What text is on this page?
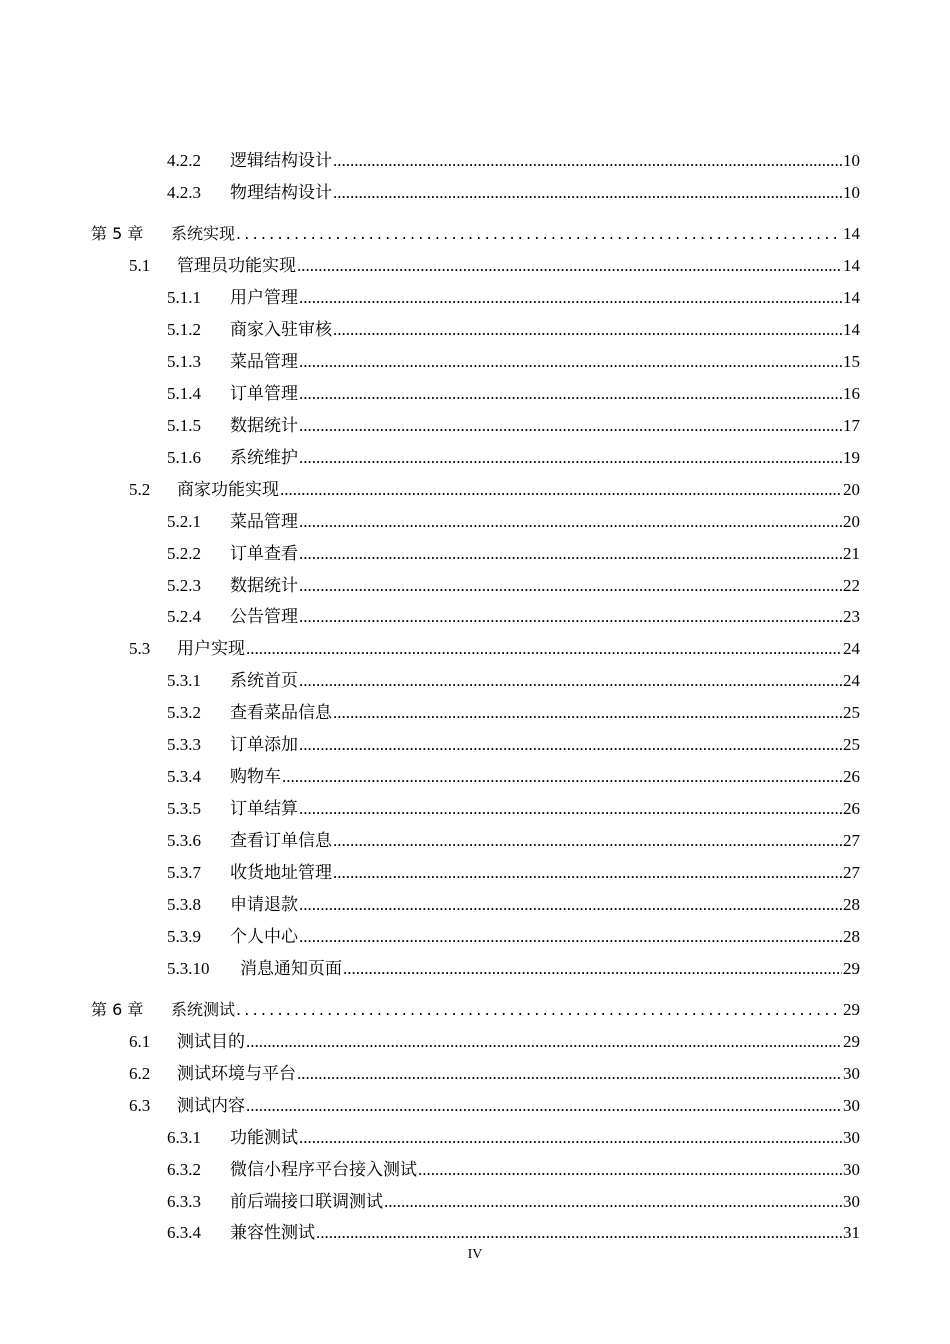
4.2.2	逻辑结构设计 .....	10
4.2.3	物理结构设计 .....	10
第 5 章	系统实现 .....	14
5.1	管理员功能实现 .....	14
5.1.1	用户管理 .....	14
5.1.2	商家入驻审核 .....	14
5.1.3	菜品管理 .....	15
5.1.4	订单管理 .....	16
5.1.5	数据统计 .....	17
5.1.6	系统维护 .....	19
5.2	商家功能实现 .....	20
5.2.1	菜品管理 .....	20
5.2.2	订单查看 .....	21
5.2.3	数据统计 .....	22
5.2.4	公告管理 .....	23
5.3	用户实现 .....	24
5.3.1	系统首页 .....	24
5.3.2	查看菜品信息 .....	25
5.3.3	订单添加 .....	25
5.3.4	购物车 .....	26
5.3.5	订单结算 .....	26
5.3.6	查看订单信息 .....	27
5.3.7	收货地址管理 .....	27
5.3.8	申请退款 .....	28
5.3.9	个人中心 .....	28
5.3.10	消息通知页面 .....	29
第 6 章	系统测试 .....	29
6.1	测试目的 .....	29
6.2	测试环境与平台 .....	30
6.3	测试内容 .....	30
6.3.1	功能测试 .....	30
6.3.2	微信小程序平台接入测试 .....	30
6.3.3	前后端接口联调测试 .....	30
6.3.4	兼容性测试 .....	31
IV
